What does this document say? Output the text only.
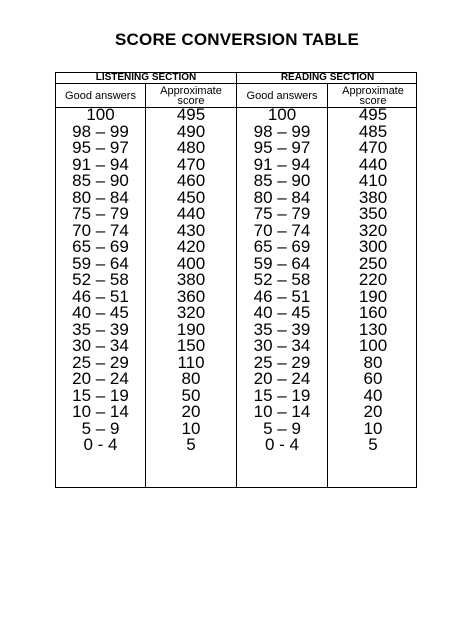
SCORE CONVERSION TABLE
LISTENING SECTION	READING SECTION
Good answers	Approximate score	Good answers	Approximate score
100	495	100	495
98 – 99	490	98 – 99	485
95 – 97	480	95 – 97	470
91 – 94	470	91 – 94	440
85 – 90	460	85 – 90	410
80 – 84	450	80 – 84	380
75 – 79	440	75 – 79	350
70 – 74	430	70 – 74	320
65 – 69	420	65 – 69	300
59 – 64	400	59 – 64	250
52 – 58	380	52 – 58	220
46 – 51	360	46 – 51	190
40 – 45	320	40 – 45	160
35 – 39	190	35 – 39	130
30 – 34	150	30 – 34	100
25 – 29	110	25 – 29	80
20 – 24	80	20 – 24	60
15 – 19	50	15 – 19	40
10 – 14	20	10 – 14	20
5 – 9	10	5 – 9	10
0 - 4	5	0 - 4	5
